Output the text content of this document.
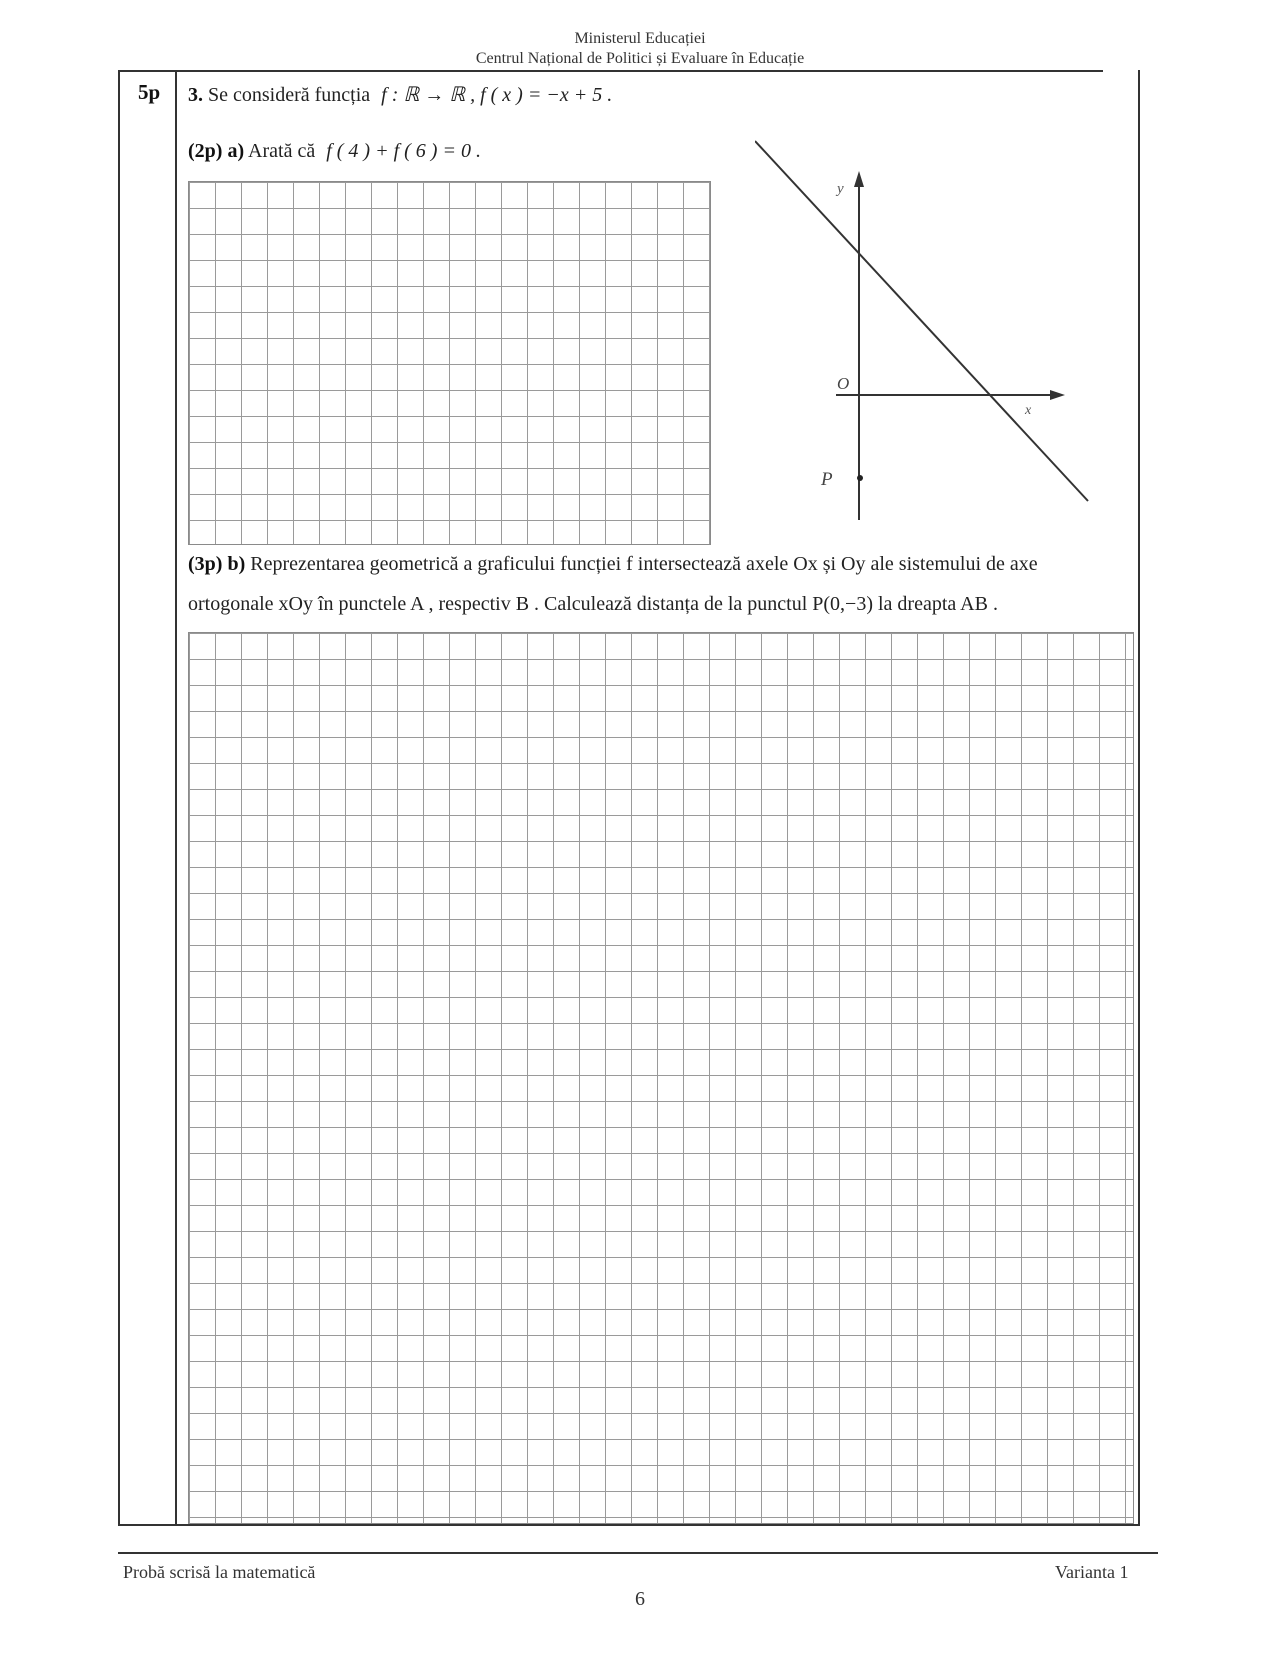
Ministerul Educației
Centrul Național de Politici și Evaluare în Educație
5p 3. Se consideră funcția f : ℝ → ℝ , f ( x ) = −x + 5 .
(2p) a) Arată că f ( 4 ) + f ( 6 ) = 0 .
y
x
O
P
(3p) b) Reprezentarea geometrică a graficului funcției f intersectează axele Ox și Oy ale sistemului de axe
ortogonale xOy în punctele A , respectiv B . Calculează distanța de la punctul P(0,−3) la dreapta AB .
Probă scrisă la matematică	Varianta 1
6
